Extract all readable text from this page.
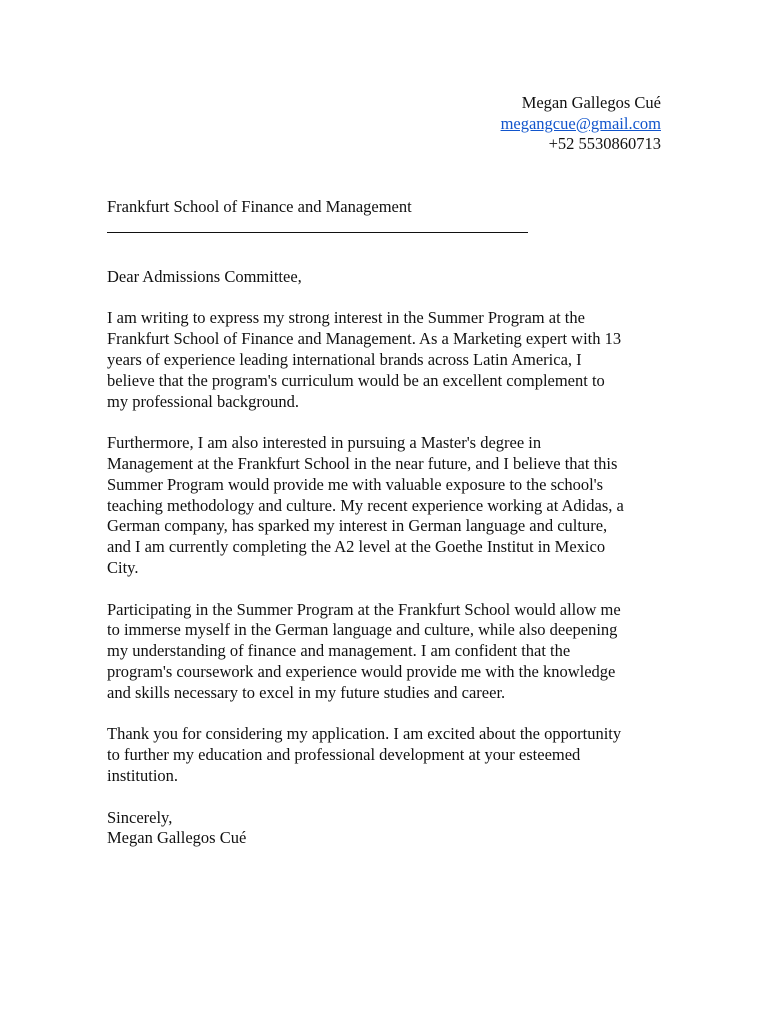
Megan Gallegos Cué
megangcue@gmail.com
+52 5530860713

Frankfurt School of Finance and Management

Dear Admissions Committee,

I am writing to express my strong interest in the Summer Program at the
Frankfurt School of Finance and Management. As a Marketing expert with 13
years of experience leading international brands across Latin America, I
believe that the program's curriculum would be an excellent complement to
my professional background.

Furthermore, I am also interested in pursuing a Master's degree in
Management at the Frankfurt School in the near future, and I believe that this
Summer Program would provide me with valuable exposure to the school's
teaching methodology and culture. My recent experience working at Adidas, a
German company, has sparked my interest in German language and culture,
and I am currently completing the A2 level at the Goethe Institut in Mexico
City.

Participating in the Summer Program at the Frankfurt School would allow me
to immerse myself in the German language and culture, while also deepening
my understanding of finance and management. I am confident that the
program's coursework and experience would provide me with the knowledge
and skills necessary to excel in my future studies and career.

Thank you for considering my application. I am excited about the opportunity
to further my education and professional development at your esteemed
institution.

Sincerely,

Megan Gallegos Cué
